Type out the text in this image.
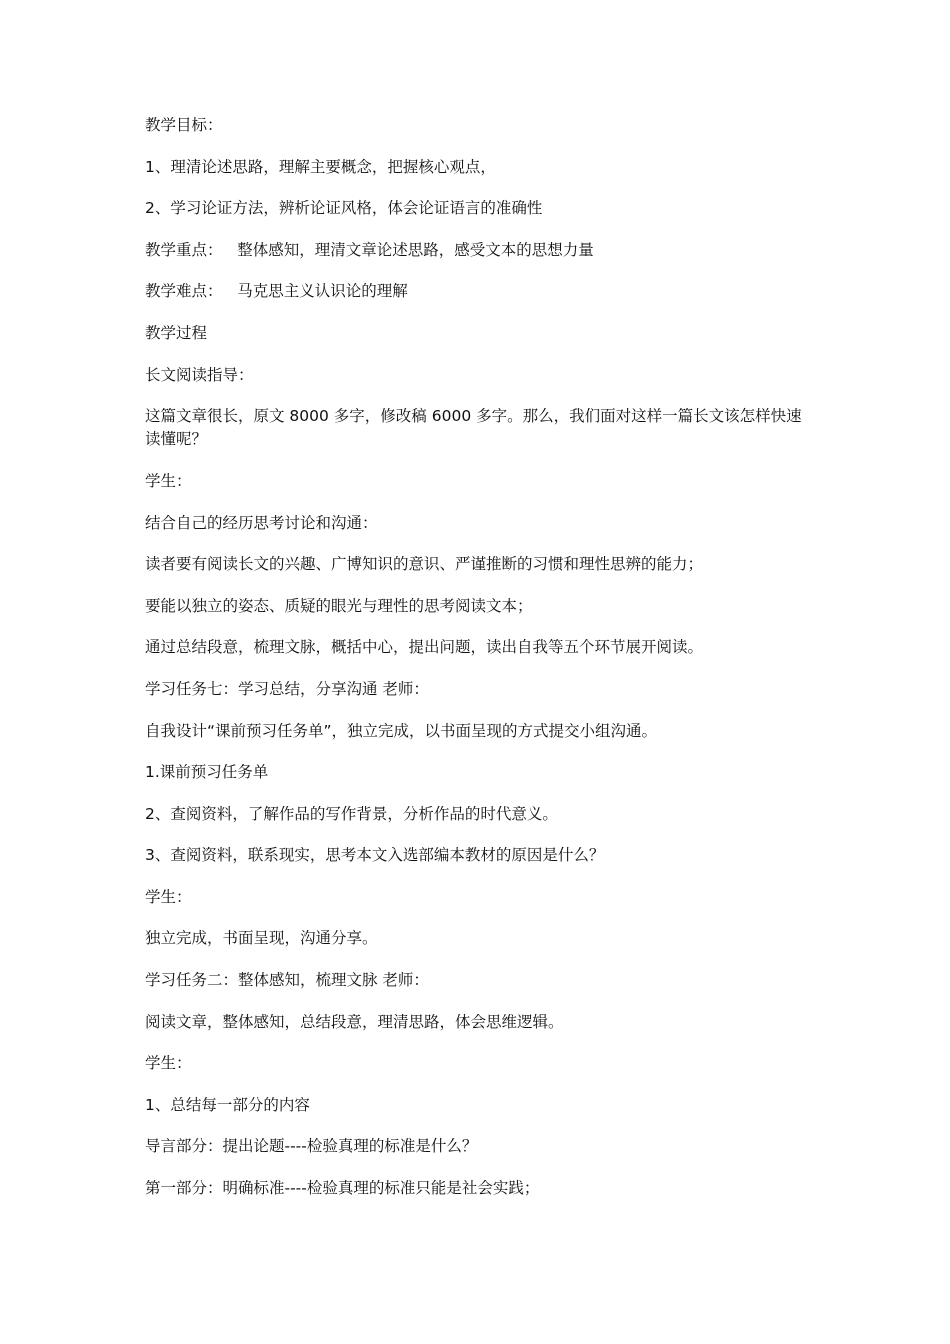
教学目标：

1、理清论述思路，理解主要概念，把握核心观点，

2、学习论证方法，辨析论证风格，体会论证语言的准确性

教学重点：   整体感知，理清文章论述思路，感受文本的思想力量

教学难点：   马克思主义认识论的理解

教学过程

长文阅读指导：

这篇文章很长，原文 8000 多字，修改稿 6000 多字。那么，我们面对这样一篇长文该怎样快速读懂呢？

学生：

结合自己的经历思考讨论和沟通：

读者要有阅读长文的兴趣、广博知识的意识、严谨推断的习惯和理性思辨的能力；

要能以独立的姿态、质疑的眼光与理性的思考阅读文本；

通过总结段意，梳理文脉，概括中心，提出问题，读出自我等五个环节展开阅读。

学习任务七：学习总结，分享沟通 老师：

自我设计“课前预习任务单”，独立完成，以书面呈现的方式提交小组沟通。

1.课前预习任务单

2、查阅资料，了解作品的写作背景，分析作品的时代意义。

3、查阅资料，联系现实，思考本文入选部编本教材的原因是什么？

学生：

独立完成，书面呈现，沟通分享。

学习任务二：整体感知，梳理文脉 老师：

阅读文章，整体感知，总结段意，理清思路，体会思维逻辑。

学生：

1、总结每一部分的内容

导言部分：提出论题----检验真理的标准是什么？

第一部分：明确标准----检验真理的标准只能是社会实践；
